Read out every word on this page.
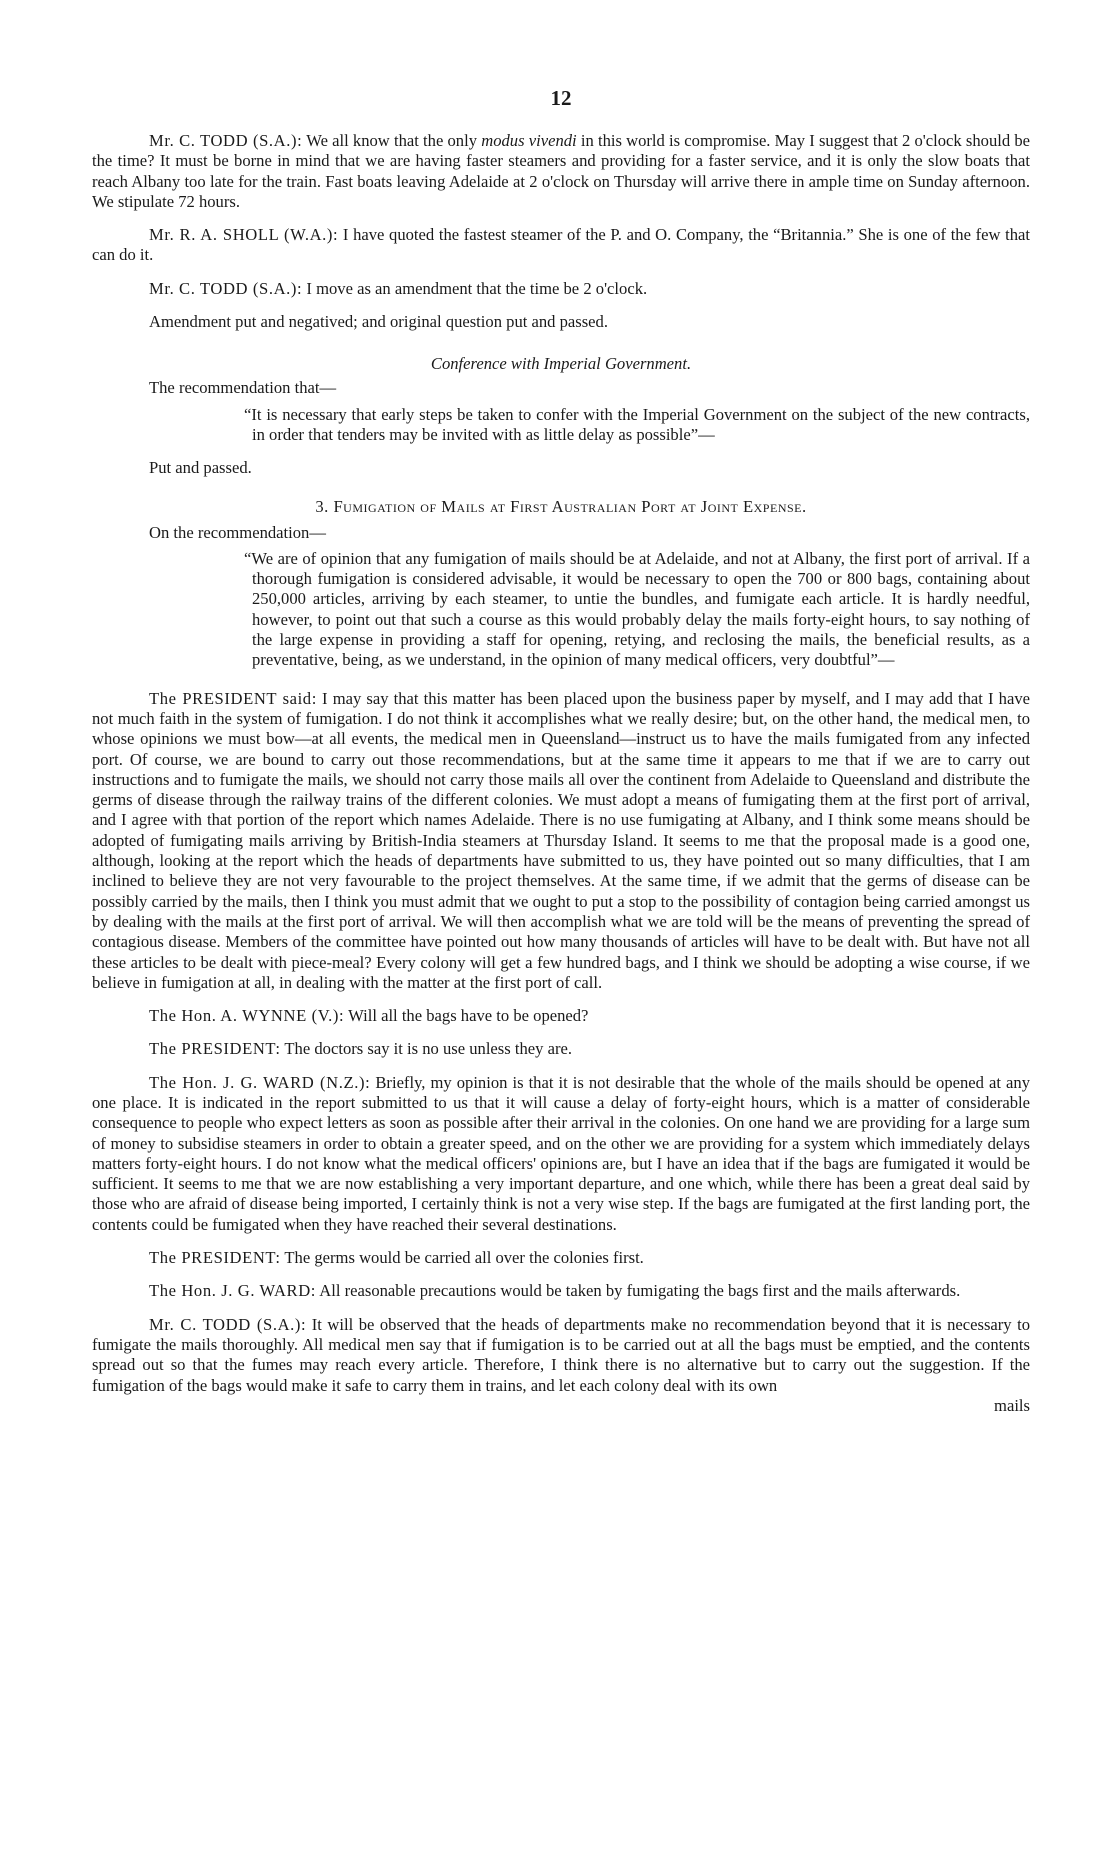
12

Mr. C. TODD (S.A.): We all know that the only modus vivendi in this world is compromise. May I suggest that 2 o'clock should be the time? It must be borne in mind that we are having faster steamers and providing for a faster service, and it is only the slow boats that reach Albany too late for the train. Fast boats leaving Adelaide at 2 o'clock on Thursday will arrive there in ample time on Sunday afternoon. We stipulate 72 hours.

Mr. R. A. SHOLL (W.A.): I have quoted the fastest steamer of the P. and O. Company, the “Britannia.” She is one of the few that can do it.

Mr. C. TODD (S.A.): I move as an amendment that the time be 2 o'clock.

Amendment put and negatived; and original question put and passed.

Conference with Imperial Government.

The recommendation that—

“It is necessary that early steps be taken to confer with the Imperial Government on the subject of the new contracts, in order that tenders may be invited with as little delay as possible”—

Put and passed.

3. Fumigation of Mails at First Australian Port at Joint Expense.

On the recommendation—

“We are of opinion that any fumigation of mails should be at Adelaide, and not at Albany, the first port of arrival. If a thorough fumigation is considered advisable, it would be necessary to open the 700 or 800 bags, containing about 250,000 articles, arriving by each steamer, to untie the bundles, and fumigate each article. It is hardly needful, however, to point out that such a course as this would probably delay the mails forty-eight hours, to say nothing of the large expense in providing a staff for opening, retying, and reclosing the mails, the beneficial results, as a preventative, being, as we understand, in the opinion of many medical officers, very doubtful”—

The PRESIDENT said: I may say that this matter has been placed upon the business paper by myself, and I may add that I have not much faith in the system of fumigation. I do not think it accomplishes what we really desire; but, on the other hand, the medical men, to whose opinions we must bow—at all events, the medical men in Queensland—instruct us to have the mails fumigated from any infected port. Of course, we are bound to carry out those recommendations, but at the same time it appears to me that if we are to carry out instructions and to fumigate the mails, we should not carry those mails all over the continent from Adelaide to Queensland and distribute the germs of disease through the railway trains of the different colonies. We must adopt a means of fumigating them at the first port of arrival, and I agree with that portion of the report which names Adelaide. There is no use fumigating at Albany, and I think some means should be adopted of fumigating mails arriving by British-India steamers at Thursday Island. It seems to me that the proposal made is a good one, although, looking at the report which the heads of departments have submitted to us, they have pointed out so many difficulties, that I am inclined to believe they are not very favourable to the project themselves. At the same time, if we admit that the germs of disease can be possibly carried by the mails, then I think you must admit that we ought to put a stop to the possibility of contagion being carried amongst us by dealing with the mails at the first port of arrival. We will then accomplish what we are told will be the means of preventing the spread of contagious disease. Members of the committee have pointed out how many thousands of articles will have to be dealt with. But have not all these articles to be dealt with piece-meal? Every colony will get a few hundred bags, and I think we should be adopting a wise course, if we believe in fumigation at all, in dealing with the matter at the first port of call.

The Hon. A. WYNNE (V.): Will all the bags have to be opened?

The PRESIDENT: The doctors say it is no use unless they are.

The Hon. J. G. WARD (N.Z.): Briefly, my opinion is that it is not desirable that the whole of the mails should be opened at any one place. It is indicated in the report submitted to us that it will cause a delay of forty-eight hours, which is a matter of considerable consequence to people who expect letters as soon as possible after their arrival in the colonies. On one hand we are providing for a large sum of money to subsidise steamers in order to obtain a greater speed, and on the other we are providing for a system which immediately delays matters forty-eight hours. I do not know what the medical officers' opinions are, but I have an idea that if the bags are fumigated it would be sufficient. It seems to me that we are now establishing a very important departure, and one which, while there has been a great deal said by those who are afraid of disease being imported, I certainly think is not a very wise step. If the bags are fumigated at the first landing port, the contents could be fumigated when they have reached their several destinations.

The PRESIDENT: The germs would be carried all over the colonies first.

The Hon. J. G. WARD: All reasonable precautions would be taken by fumigating the bags first and the mails afterwards.

Mr. C. TODD (S.A.): It will be observed that the heads of departments make no recommendation beyond that it is necessary to fumigate the mails thoroughly. All medical men say that if fumigation is to be carried out at all the bags must be emptied, and the contents spread out so that the fumes may reach every article. Therefore, I think there is no alternative but to carry out the suggestion. If the fumigation of the bags would make it safe to carry them in trains, and let each colony deal with its own

mails
